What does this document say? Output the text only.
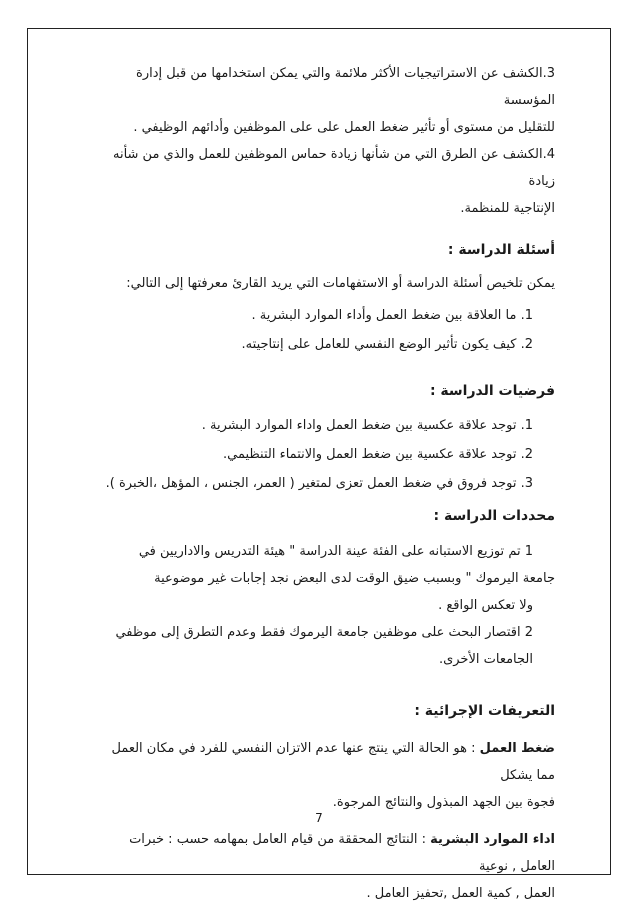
3.الكشف عن الاستراتيجيات الأكثر ملائمة والتي يمكن استخدامها من قبل إدارة المؤسسة

للتقليل من مستوى أو تأثير ضغط العمل على على الموظفين وأدائهم الوظيفي .

4.الكشف عن الطرق التي من شأنها زيادة حماس الموظفين للعمل والذي من شأنه زيادة

الإنتاجية للمنظمة.

أسئلة الدراسة :

يمكن تلخيص أسئلة الدراسة أو الاستفهامات التي يريد القارئ معرفتها إلى التالي:

1. ما العلاقة بين ضغط العمل وأداء الموارد البشرية .

2. كيف يكون تأثير الوضع النفسي للعامل على إنتاجيته.

فرضيات الدراسة :

1. توجد علاقة عكسية بين ضغط العمل واداء الموارد البشرية .

2. توجد علاقة عكسية بين ضغط العمل والانتماء التنظيمي.

3. توجد فروق في ضغط العمل تعزى لمتغير ( العمر، الجنس ، المؤهل ،الخبرة ).

محددات الدراسة :

1 تم توزيع الاستبانه على الفئة عينة الدراسة " هيئة التدريس والاداريين في

جامعة اليرموك " وبسبب ضيق الوقت لدى البعض نجد إجابات غير موضوعية

ولا تعكس الواقع .

2 اقتصار البحث على موظفين جامعة اليرموك فقط وعدم التطرق إلى موظفي

الجامعات الأخرى.

التعريفات الإجرائية :

ضغط العمل : هو الحالة التي ينتج عنها عدم الاتزان النفسي للفرد في مكان العمل مما يشكل

فجوة بين الجهد المبذول والنتائج المرجوة.

اداء الموارد البشرية : النتائج المحققة من قيام العامل بمهامه حسب : خبرات العامل , نوعية

العمل , كمية العمل ,تحفيز العامل .

7
